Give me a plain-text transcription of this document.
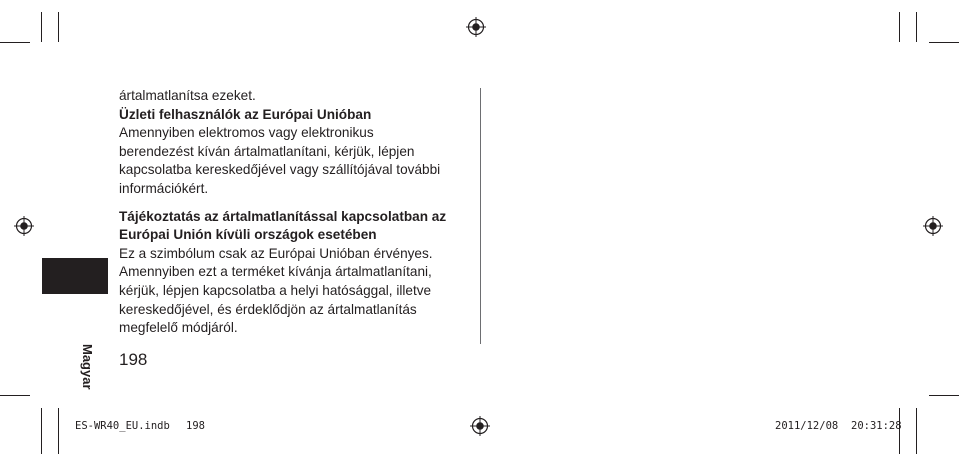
ártalmatlanítsa ezeket.

Üzleti felhasználók az Európai Unióban

Amennyiben elektromos vagy elektronikus

berendezést kíván ártalmatlanítani, kérjük, lépjen

kapcsolatba kereskedőjével vagy szállítójával további

információkért.

Tájékoztatás az ártalmatlanítással kapcsolatban az

Európai Unión kívüli országok esetében

Ez a szimbólum csak az Európai Unióban érvényes.

Amennyiben ezt a terméket kívánja ártalmatlanítani,

kérjük, lépjen kapcsolatba a helyi hatósággal, illetve

kereskedőjével, és érdeklődjön az ártalmatlanítás

megfelelő módjáról.

Magyar 198
ES-WR40_EU.indb 198	2011/12/08 20:31:28
